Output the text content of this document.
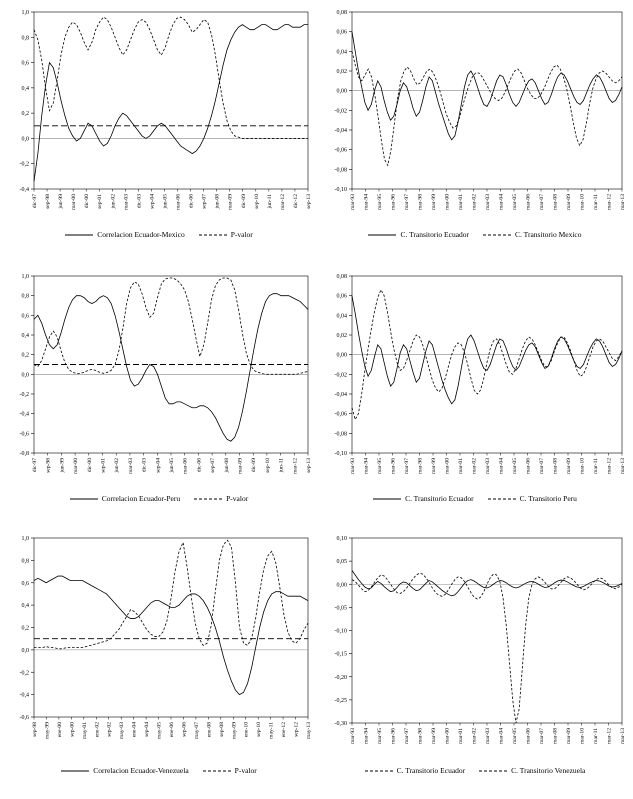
-0,4
-0,2
0,0
0,2
0,4
0,6
0,8
1,0
dic-97 sep-98 jun-99 mar-00 dic-00 sep-01 jun-02 mar-03 dic-03 sep-04 jun-05 mar-06 dic-06 sep-07 jun-08 mar-09 dic-09 sep-10 jun-11 mar-12 dic-12 sep-13
Correlacion Ecuador-Mexico	P-valor
-0,10
-0,08
-0,06
-0,04
-0,02
0,00
0,02
0,04
0,06
0,08
mar-93 mar-94 mar-95 mar-96 mar-97 mar-98 mar-99 mar-00 mar-01 mar-02 mar-03 mar-04 mar-05 mar-06 mar-07 mar-08 mar-09 mar-10 mar-11 mar-12 mar-13
C. Transitorio Ecuador	C. Transitorio Mexico
-0,8
-0,6
-0,4
-0,2
0,0
0,2
0,4
0,6
0,8
1,0
dic-97 sep-98 jun-99 mar-00 dic-00 sep-01 jun-02 mar-03 dic-03 sep-04 jun-05 mar-06 dic-06 sep-07 jun-08 mar-09 dic-09 sep-10 jun-11 mar-12 sep-13
Correlacion Ecuador-Peru	P-valor
-0,10
-0,08
-0,06
-0,04
-0,02
0,00
0,02
0,04
0,06
0,08
mar-93 mar-94 mar-95 mar-96 mar-97 mar-98 mar-99 mar-00 mar-01 mar-02 mar-03 mar-04 mar-05 mar-06 mar-07 mar-08 mar-09 mar-10 mar-11 mar-12 mar-13
C. Transitorio Ecuador	C. Transitorio Peru
-0,6
-0,4
-0,2
0,0
0,2
0,4
0,6
0,8
1,0
sep-98 may-99 ene-00 sep-00 may-01 ene-02 sep-02 may-03 ene-04 sep-04 may-05 ene-06 sep-06 may-07 ene-08 sep-08 may-09 ene-10 sep-10 may-11 ene-12 sep-12 may-13
Correlacion Ecuador-Venezuela	P-valor
-0,30
-0,25
-0,20
-0,15
-0,10
-0,05
0,00
0,05
0,10
mar-93 mar-94 mar-95 mar-96 mar-97 mar-98 mar-99 mar-00 mar-01 mar-02 mar-03 mar-04 mar-05 mar-06 mar-07 mar-08 mar-09 mar-10 mar-11 mar-12 mar-13
C. Transitorio Ecuador	C. Transitorio Venezuela
